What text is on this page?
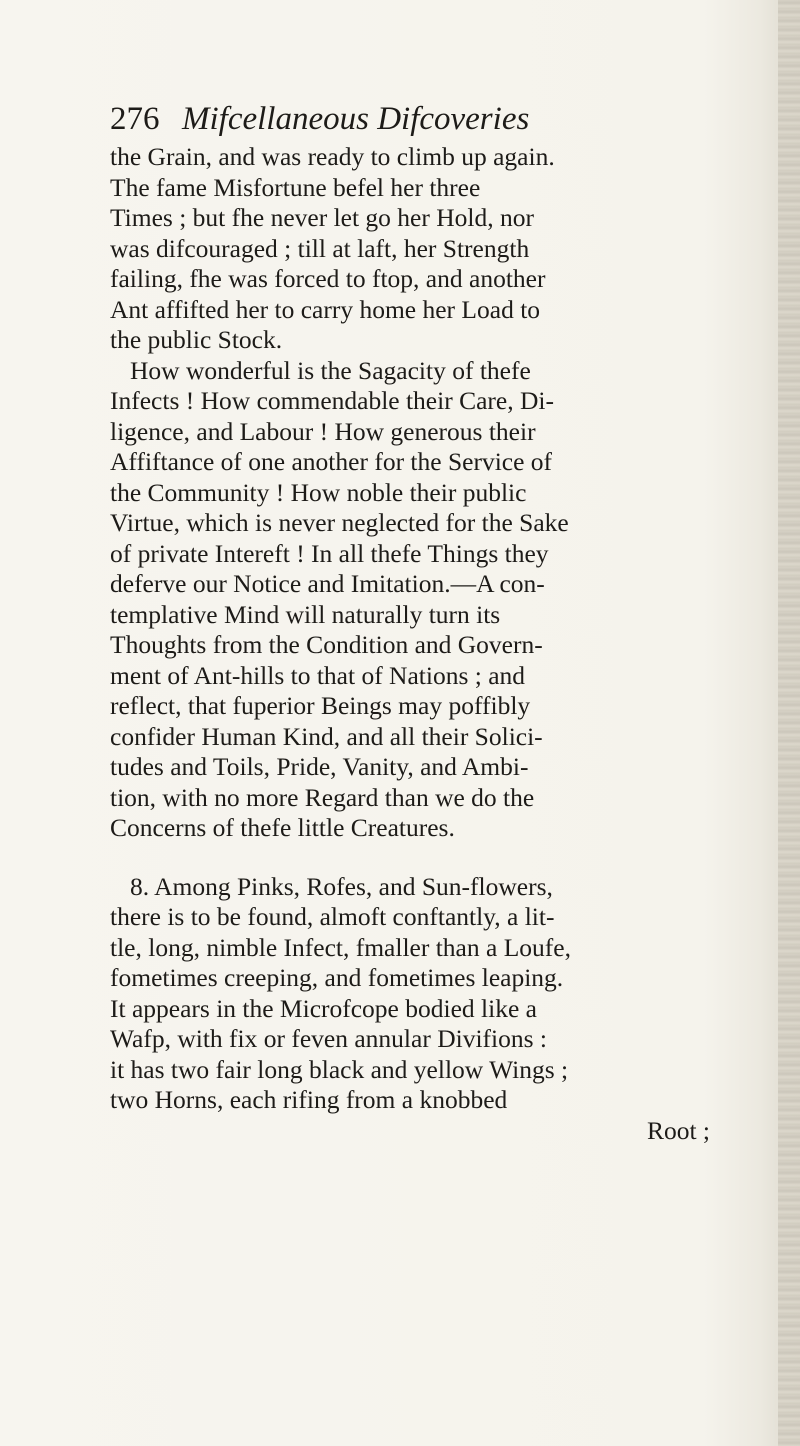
276 Mifcellaneous Difcoveries
the Grain, and was ready to climb up again.
The fame Misfortune befel her three
Times ; but fhe never let go her Hold, nor
was difcouraged ; till at laft, her Strength
failing, fhe was forced to ftop, and another
Ant affifted her to carry home her Load to
the public Stock.
How wonderful is the Sagacity of thefe
Infects ! How commendable their Care, Di-
ligence, and Labour ! How generous their
Affiftance of one another for the Service of
the Community ! How noble their public
Virtue, which is never neglected for the Sake
of private Intereft ! In all thefe Things they
deferve our Notice and Imitation.—A con-
templative Mind will naturally turn its
Thoughts from the Condition and Govern-
ment of Ant-hills to that of Nations ; and
reflect, that fuperior Beings may poffibly
confider Human Kind, and all their Solici-
tudes and Toils, Pride, Vanity, and Ambi-
tion, with no more Regard than we do the
Concerns of thefe little Creatures.
8. Among Pinks, Rofes, and Sun-flowers,
there is to be found, almoft conftantly, a lit-
tle, long, nimble Infect, fmaller than a Loufe,
fometimes creeping, and fometimes leaping.
It appears in the Microfcope bodied like a
Wafp, with fix or feven annular Divifions :
it has two fair long black and yellow Wings ;
two Horns, each rifing from a knobbed
Root ;
